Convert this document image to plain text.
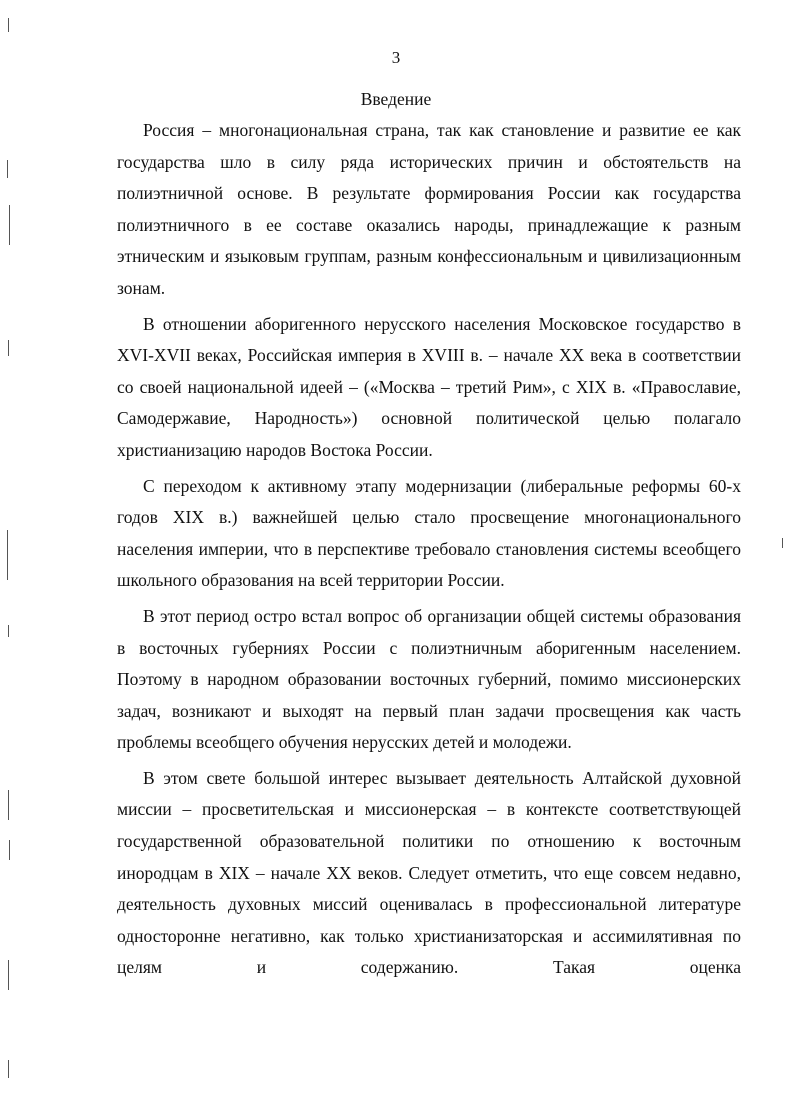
3
Введение

Россия – многонациональная страна, так как становление и развитие ее как государства шло в силу ряда исторических причин и обстоятельств на полиэтничной основе. В результате формирования России как государства полиэтничного в ее составе оказались народы, принадлежащие к разным этническим и языковым группам, разным конфессиональным и цивилизационным зонам.

В отношении аборигенного нерусского населения Московское государство в XVI-XVII веках, Российская империя в XVIII в. – начале XX века в соответствии со своей национальной идеей – («Москва – третий Рим», с XIX в. «Православие, Самодержавие, Народность») основной политической целью полагало христианизацию народов Востока России.

С переходом к активному этапу модернизации (либеральные реформы 60-х годов XIX в.) важнейшей целью стало просвещение многонационального населения империи, что в перспективе требовало становления системы всеобщего школьного образования на всей территории России.

В этот период остро встал вопрос об организации общей системы образования в восточных губерниях России с полиэтничным аборигенным населением. Поэтому в народном образовании восточных губерний, помимо миссионерских задач, возникают и выходят на первый план задачи просвещения как часть проблемы всеобщего обучения нерусских детей и молодежи.

В этом свете большой интерес вызывает деятельность Алтайской духовной миссии – просветительская и миссионерская – в контексте соответствующей государственной образовательной политики по отношению к восточным инородцам в XIX – начале XX веков. Следует отметить, что еще совсем недавно, деятельность духовных миссий оценивалась в профессиональной литературе односторонне негативно, как только христианизаторская и ассимилятивная по целям и содержанию. Такая оценка
